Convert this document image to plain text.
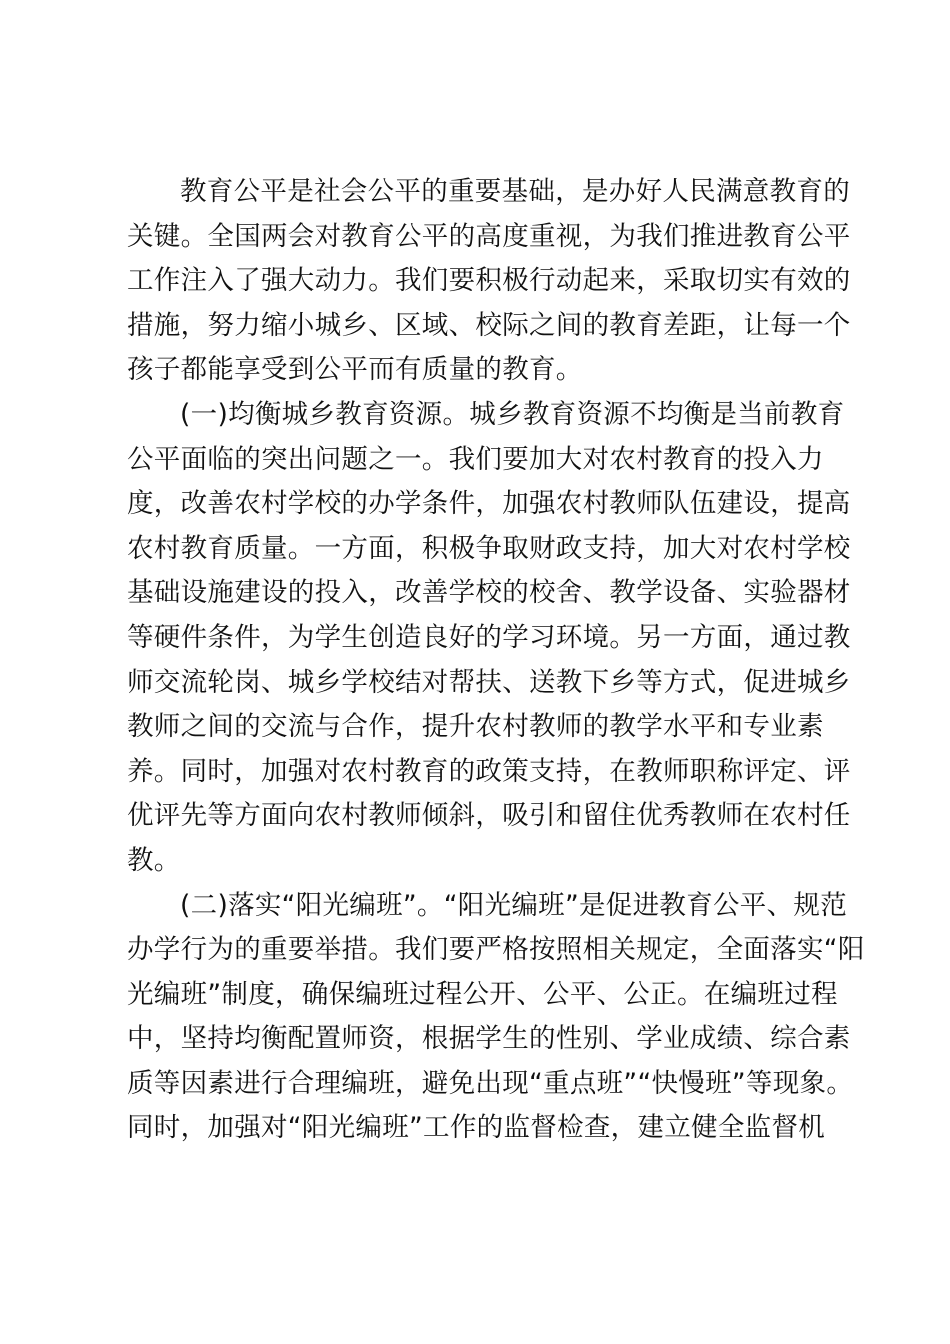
教育公平是社会公平的重要基础，是办好人民满意教育的
关键。全国两会对教育公平的高度重视，为我们推进教育公平
工作注入了强大动力。我们要积极行动起来，采取切实有效的
措施，努力缩小城乡、区域、校际之间的教育差距，让每一个
孩子都能享受到公平而有质量的教育。
(一)均衡城乡教育资源。城乡教育资源不均衡是当前教育
公平面临的突出问题之一。我们要加大对农村教育的投入力
度，改善农村学校的办学条件，加强农村教师队伍建设，提高
农村教育质量。一方面，积极争取财政支持，加大对农村学校
基础设施建设的投入，改善学校的校舍、教学设备、实验器材
等硬件条件，为学生创造良好的学习环境。另一方面，通过教
师交流轮岗、城乡学校结对帮扶、送教下乡等方式，促进城乡
教师之间的交流与合作，提升农村教师的教学水平和专业素
养。同时，加强对农村教育的政策支持，在教师职称评定、评
优评先等方面向农村教师倾斜，吸引和留住优秀教师在农村任
教。
(二)落实“阳光编班”。“阳光编班”是促进教育公平、规范
办学行为的重要举措。我们要严格按照相关规定，全面落实“阳
光编班”制度，确保编班过程公开、公平、公正。在编班过程
中，坚持均衡配置师资，根据学生的性别、学业成绩、综合素
质等因素进行合理编班，避免出现“重点班”“快慢班”等现象。
同时，加强对“阳光编班”工作的监督检查，建立健全监督机
